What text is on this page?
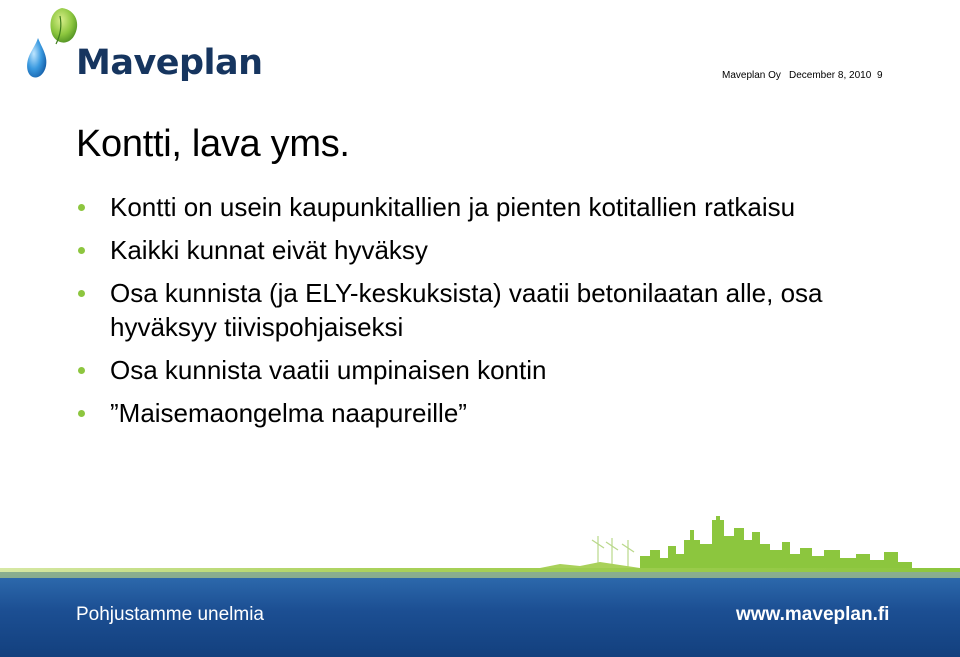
Maveplan	Maveplan Oy December 8, 2010 9
Kontti, lava yms.
Kontti on usein kaupunkitallien ja pienten kotitallien ratkaisu
Kaikki kunnat eivät hyväksy
Osa kunnista (ja ELY-keskuksista) vaatii betonilaatan alle, osa hyväksyy tiivispohjaiseksi
Osa kunnista vaatii umpinaisen kontin
”Maisemaongelma naapureille”
Pohjustamme unelmia	www.maveplan.fi
